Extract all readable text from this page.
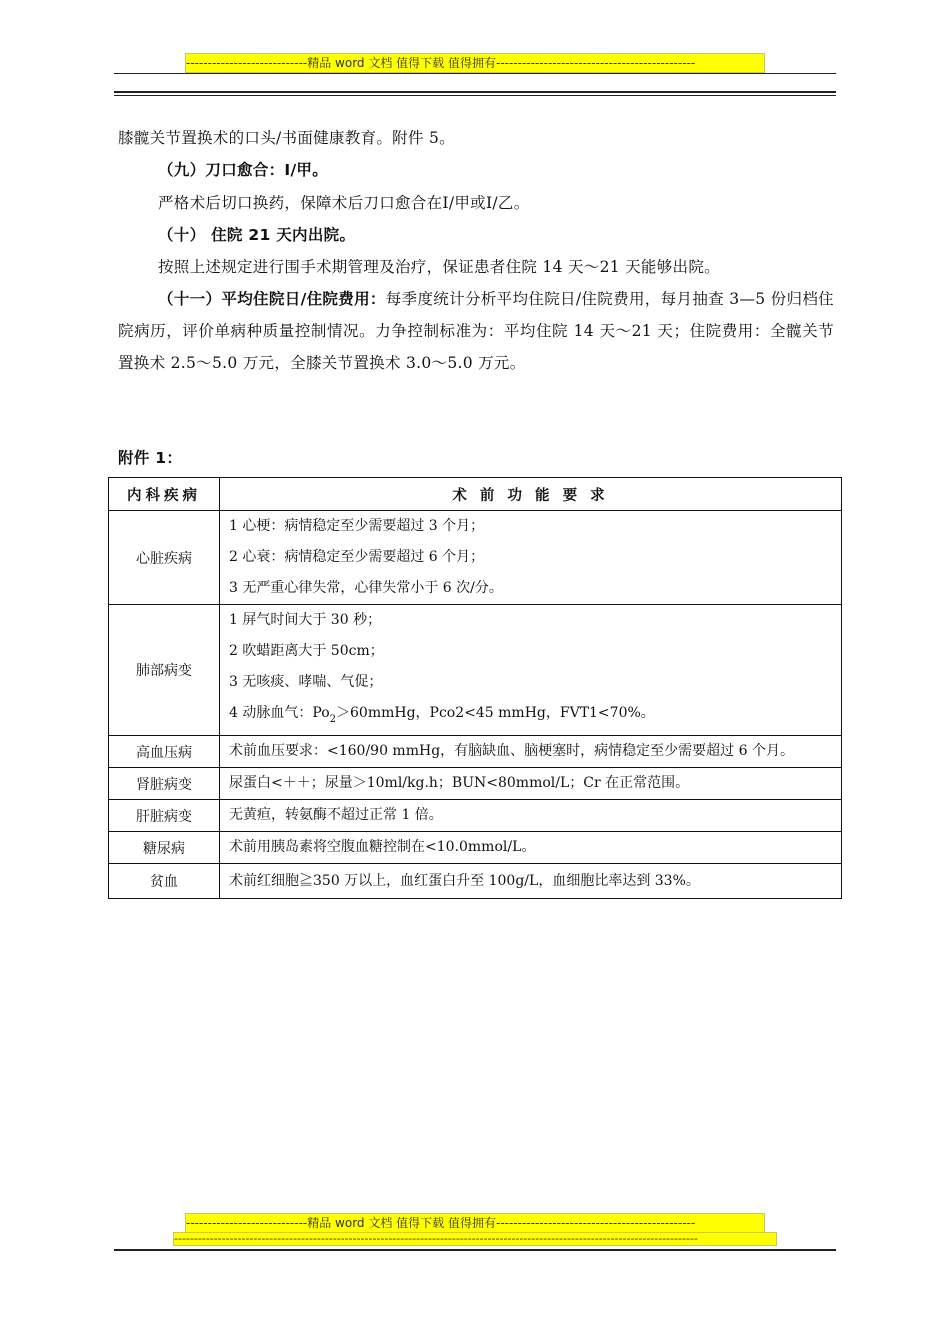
----------------------------精品 word 文档 值得下载 值得拥有----------------------------------------------
膝髋关节置换术的口头/书面健康教育。附件 5。
（九）刀口愈合：Ⅰ/甲。
严格术后切口换药，保障术后刀口愈合在Ⅰ/甲或Ⅰ/乙。
（十） 住院 21 天内出院。
按照上述规定进行围手术期管理及治疗，保证患者住院 14 天～21 天能够出院。
（十一）平均住院日/住院费用：每季度统计分析平均住院日/住院费用，每月抽查 3—5 份归档住院病历，评价单病种质量控制情况。力争控制标准为：平均住院 14 天～21 天；住院费用：全髋关节置换术 2.5～5.0 万元，全膝关节置换术 3.0～5.0 万元。
附件 1：
内科疾病	术 前 功 能 要 求
心脏疾病	1 心梗：病情稳定至少需要超过 3 个月；
2 心衰：病情稳定至少需要超过 6 个月；
3 无严重心律失常，心律失常小于 6 次/分。

肺部病变	1 屏气时间大于 30 秒；
2 吹蜡距离大于 50cm；
3 无咳痰、哮喘、气促；
4 动脉血气：$Po_2>60mmHg$，Pco2<45 mmHg，FVT1<70%。

高血压病	术前血压要求：<160/90 mmHg，有脑缺血、脑梗塞时，病情稳定至少需要超过 6 个月。

肾脏病变	尿蛋白<＋＋；尿量＞10ml/kg.h；BUN<80mmol/L；Cr 在正常范围。

肝脏病变	无黄疸，转氨酶不超过正常 1 倍。

糖尿病	术前用胰岛素将空腹血糖控制在<10.0mmol/L。

贫血	术前红细胞≧350 万以上，血红蛋白升至 100g/L，血细胞比率达到 33%。
----------------------------精品 word 文档 值得下载 值得拥有----------------------------------------------
------------------------------------------------------------------------------------------------------------------------------------
